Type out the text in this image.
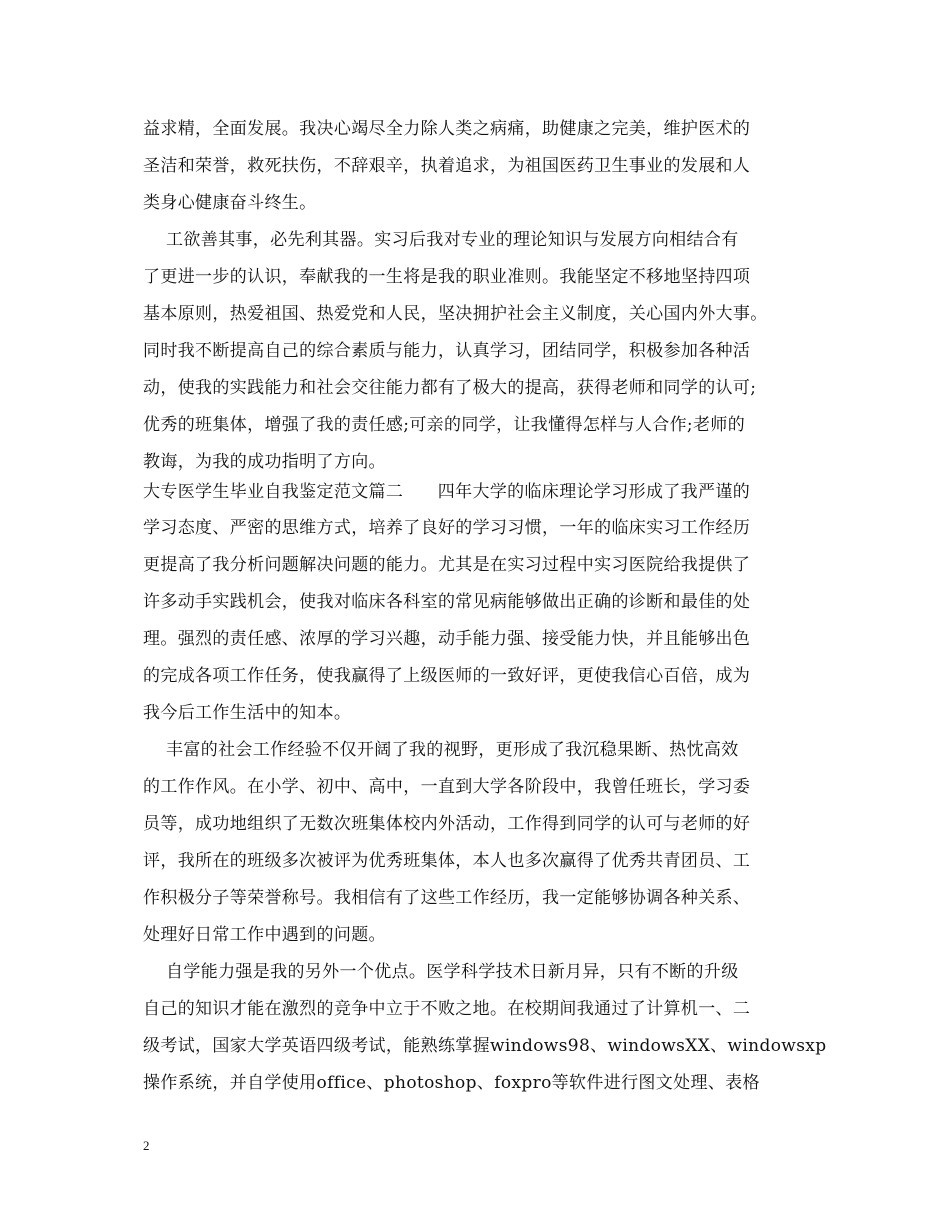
益求精，全面发展。我决心竭尽全力除人类之病痛，助健康之完美，维护医术的
圣洁和荣誉，救死扶伤，不辞艰辛，执着追求，为祖国医药卫生事业的发展和人
类身心健康奋斗终生。
工欲善其事，必先利其器。实习后我对专业的理论知识与发展方向相结合有
了更进一步的认识，奉献我的一生将是我的职业准则。我能坚定不移地坚持四项
基本原则，热爱祖国、热爱党和人民，坚决拥护社会主义制度，关心国内外大事。
同时我不断提高自己的综合素质与能力，认真学习，团结同学，积极参加各种活
动，使我的实践能力和社会交往能力都有了极大的提高，获得老师和同学的认可;
优秀的班集体，增强了我的责任感;可亲的同学，让我懂得怎样与人合作;老师的
教诲，为我的成功指明了方向。
大专医学生毕业自我鉴定范文篇二      四年大学的临床理论学习形成了我严谨的
学习态度、严密的思维方式，培养了良好的学习习惯，一年的临床实习工作经历
更提高了我分析问题解决问题的能力。尤其是在实习过程中实习医院给我提供了
许多动手实践机会，使我对临床各科室的常见病能够做出正确的诊断和最佳的处
理。强烈的责任感、浓厚的学习兴趣，动手能力强、接受能力快，并且能够出色
的完成各项工作任务，使我赢得了上级医师的一致好评，更使我信心百倍，成为
我今后工作生活中的知本。
丰富的社会工作经验不仅开阔了我的视野，更形成了我沉稳果断、热忱高效
的工作作风。在小学、初中、高中，一直到大学各阶段中，我曾任班长，学习委
员等，成功地组织了无数次班集体校内外活动，工作得到同学的认可与老师的好
评，我所在的班级多次被评为优秀班集体，本人也多次赢得了优秀共青团员、工
作积极分子等荣誉称号。我相信有了这些工作经历，我一定能够协调各种关系、
处理好日常工作中遇到的问题。
自学能力强是我的另外一个优点。医学科学技术日新月异，只有不断的升级
自己的知识才能在激烈的竞争中立于不败之地。在校期间我通过了计算机一、二
级考试，国家大学英语四级考试，能熟练掌握windows98、windowsXX、windowsxp
操作系统，并自学使用office、photoshop、foxpro等软件进行图文处理、表格
2
